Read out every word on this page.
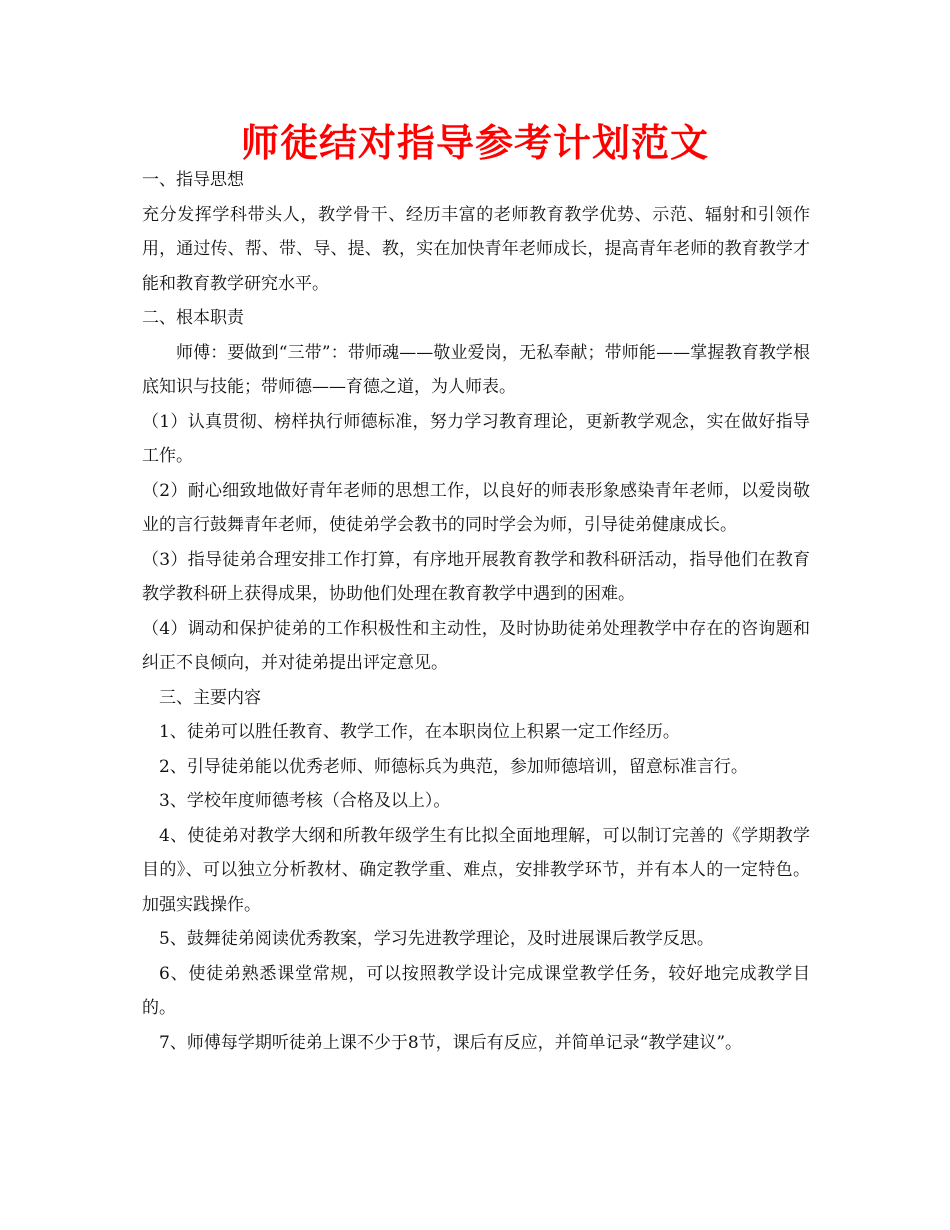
师徒结对指导参考计划范文

一、指导思想

充分发挥学科带头人，教学骨干、经历丰富的老师教育教学优势、示范、辐射和引领作用，通过传、帮、带、导、提、教，实在加快青年老师成长，提高青年老师的教育教学才能和教育教学研究水平。

二、根本职责

师傅：要做到“三带”：带师魂——敬业爱岗，无私奉献；带师能——掌握教育教学根底知识与技能；带师德——育德之道，为人师表。

（1）认真贯彻、榜样执行师德标准，努力学习教育理论，更新教学观念，实在做好指导工作。

（2）耐心细致地做好青年老师的思想工作，以良好的师表形象感染青年老师，以爱岗敬业的言行鼓舞青年老师，使徒弟学会教书的同时学会为师，引导徒弟健康成长。

（3）指导徒弟合理安排工作打算，有序地开展教育教学和教科研活动，指导他们在教育教学教科研上获得成果，协助他们处理在教育教学中遇到的困难。

（4）调动和保护徒弟的工作积极性和主动性，及时协助徒弟处理教学中存在的咨询题和纠正不良倾向，并对徒弟提出评定意见。

三、主要内容

1、徒弟可以胜任教育、教学工作，在本职岗位上积累一定工作经历。

2、引导徒弟能以优秀老师、师德标兵为典范，参加师德培训，留意标准言行。

3、学校年度师德考核（合格及以上）。

4、使徒弟对教学大纲和所教年级学生有比拟全面地理解，可以制订完善的《学期教学目的》、可以独立分析教材、确定教学重、难点，安排教学环节，并有本人的一定特色。加强实践操作。

5、鼓舞徒弟阅读优秀教案，学习先进教学理论，及时进展课后教学反思。

6、使徒弟熟悉课堂常规，可以按照教学设计完成课堂教学任务，较好地完成教学目的。

7、师傅每学期听徒弟上课不少于8节，课后有反应，并简单记录“教学建议”。
